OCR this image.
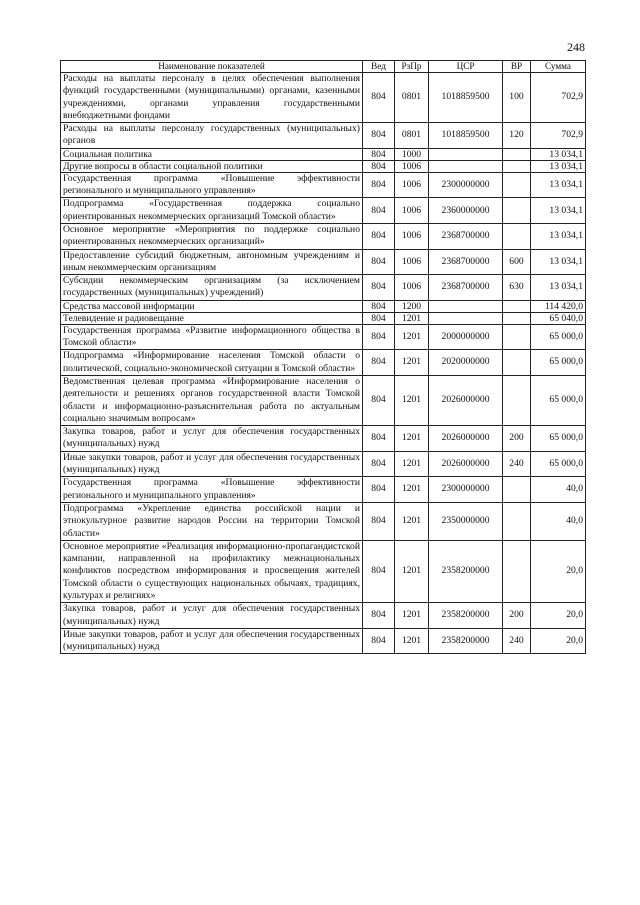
248
Наименование показателей	Вед	РзПр	ЦСР	ВР	Сумма
Расходы на выплаты персоналу в целях обеспечения выполнения функций государственными (муниципальными) органами, казенными учреждениями, органами управления государственными внебюджетными фондами	804	0801	1018859500	100	702,9
Расходы на выплаты персоналу государственных (муниципальных) органов	804	0801	1018859500	120	702,9
Социальная политика	804	1000			13 034,1
Другие вопросы в области социальной политики	804	1006			13 034,1
Государственная программа «Повышение эффективности регионального и муниципального управления»	804	1006	2300000000		13 034,1
Подпрограмма «Государственная поддержка социально ориентированных некоммерческих организаций Томской области»	804	1006	2360000000		13 034,1
Основное мероприятие «Мероприятия по поддержке социально ориентированных некоммерческих организаций»	804	1006	2368700000		13 034,1
Предоставление субсидий бюджетным, автономным учреждениям и иным некоммерческим организациям	804	1006	2368700000	600	13 034,1
Субсидии некоммерческим организациям (за исключением государственных (муниципальных) учреждений)	804	1006	2368700000	630	13 034,1
Средства массовой информации	804	1200			114 420,0
Телевидение и радиовещание	804	1201			65 040,0
Государственная программа «Развитие информационного общества в Томской области»	804	1201	2000000000		65 000,0
Подпрограмма «Информирование населения Томской области о политической, социально-экономической ситуации в Томской области»	804	1201	2020000000		65 000,0
Ведомственная целевая программа «Информирование населения о деятельности и решениях органов государственной власти Томской области и информационно-разъяснительная работа по актуальным социально значимым вопросам»	804	1201	2026000000		65 000,0
Закупка товаров, работ и услуг для обеспечения государственных (муниципальных) нужд	804	1201	2026000000	200	65 000,0
Иные закупки товаров, работ и услуг для обеспечения государственных (муниципальных) нужд	804	1201	2026000000	240	65 000,0
Государственная программа «Повышение эффективности регионального и муниципального управления»	804	1201	2300000000		40,0
Подпрограмма «Укрепление единства российской нации и этнокультурное развитие народов России на территории Томской области»	804	1201	2350000000		40,0
Основное мероприятие «Реализация информационно-пропагандистской кампании, направленной на профилактику межнациональных конфликтов посредством информирования и просвещения жителей Томской области о существующих национальных обычаях, традициях, культурах и религиях»	804	1201	2358200000		20,0
Закупка товаров, работ и услуг для обеспечения государственных (муниципальных) нужд	804	1201	2358200000	200	20,0
Иные закупки товаров, работ и услуг для обеспечения государственных (муниципальных) нужд	804	1201	2358200000	240	20,0
